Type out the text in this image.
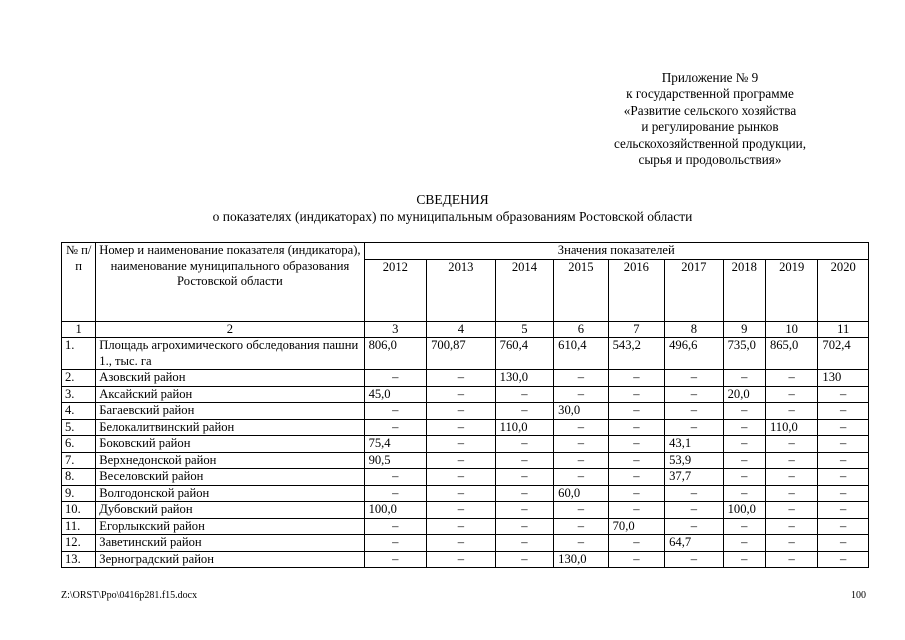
Приложение № 9
к государственной программе
«Развитие сельского хозяйства
и регулирование рынков
сельскохозяйственной продукции,
сырья и продовольствия»
СВЕДЕНИЯ
о показателях (индикаторах) по муниципальным образованиям Ростовской области
№ п/п	Номер и наименование показателя (индикатора), наименование муниципального образования Ростовской области	Значения показателей								
		2012	2013	2014	2015	2016	2017	2018	2019	2020
1	2	3	4	5	6	7	8	9	10	11
1.	Площадь агрохимического обследования пашни 1., тыс. га	806,0	700,87	760,4	610,4	543,2	496,6	735,0	865,0	702,4
2.	Азовский район	–	–	130,0	–	–	–	–	–	130
3.	Аксайский район	45,0	–	–	–	–	–	20,0	–	–
4.	Багаевский район	–	–	–	30,0	–	–	–	–	–
5.	Белокалитвинский район	–	–	110,0	–	–	–	–	110,0	–
6.	Боковский район	75,4	–	–	–	–	43,1	–	–	–
7.	Верхнедонской район	90,5	–	–	–	–	53,9	–	–	–
8.	Веселовский район	–	–	–	–	–	37,7	–	–	–
9.	Волгодонской район	–	–	–	60,0	–	–	–	–	–
10.	Дубовский район	100,0	–	–	–	–	–	100,0	–	–
11.	Егорлыкский район	–	–	–	–	70,0	–	–	–	–
12.	Заветинский район	–	–	–	–	–	64,7	–	–	–
13.	Зерноградский район	–	–	–	130,0	–	–	–	–	–
Z:\ORST\Ppo\0416p281.f15.docx	100
